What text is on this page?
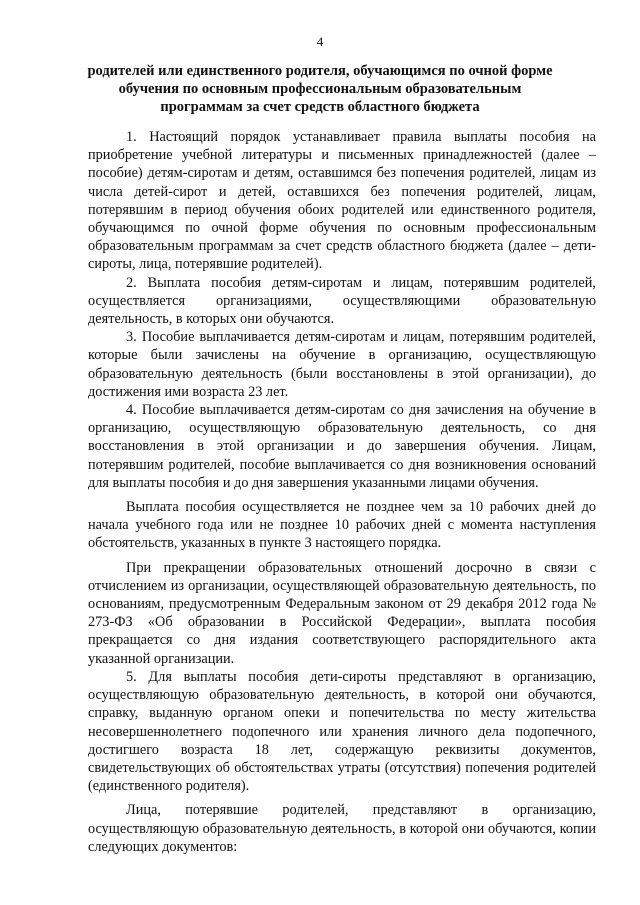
4
родителей или единственного родителя, обучающимся по очной форме
обучения по основным профессиональным образовательным
программам за счет средств областного бюджета

1. Настоящий порядок устанавливает правила выплаты пособия на приобретение учебной литературы и письменных принадлежностей (далее – пособие) детям-сиротам и детям, оставшимся без попечения родителей, лицам из числа детей-сирот и детей, оставшихся без попечения родителей, лицам, потерявшим в период обучения обоих родителей или единственного родителя, обучающимся по очной форме обучения по основным профессиональным образовательным программам за счет средств областного бюджета (далее – дети-сироты, лица, потерявшие родителей).

2. Выплата пособия детям-сиротам и лицам, потерявшим родителей, осуществляется организациями, осуществляющими образовательную деятельность, в которых они обучаются.

3. Пособие выплачивается детям-сиротам и лицам, потерявшим родителей, которые были зачислены на обучение в организацию, осуществляющую образовательную деятельность (были восстановлены в этой организации), до достижения ими возраста 23 лет.

4. Пособие выплачивается детям-сиротам со дня зачисления на обучение в организацию, осуществляющую образовательную деятельность, со дня восстановления в этой организации и до завершения обучения. Лицам, потерявшим родителей, пособие выплачивается со дня возникновения оснований для выплаты пособия и до дня завершения указанными лицами обучения.

Выплата пособия осуществляется не позднее чем за 10 рабочих дней до начала учебного года или не позднее 10 рабочих дней с момента наступления обстоятельств, указанных в пункте 3 настоящего порядка.

При прекращении образовательных отношений досрочно в связи с отчислением из организации, осуществляющей образовательную деятельность, по основаниям, предусмотренным Федеральным законом от 29 декабря 2012 года № 273-ФЗ «Об образовании в Российской Федерации», выплата пособия прекращается со дня издания соответствующего распорядительного акта указанной организации.

5. Для выплаты пособия дети-сироты представляют в организацию, осуществляющую образовательную деятельность, в которой они обучаются, справку, выданную органом опеки и попечительства по месту жительства несовершеннолетнего подопечного или хранения личного дела подопечного, достигшего возраста 18 лет, содержащую реквизиты документов, свидетельствующих об обстоятельствах утраты (отсутствия) попечения родителей (единственного родителя).

Лица, потерявшие родителей, представляют в организацию, осуществляющую образовательную деятельность, в которой они обучаются, копии следующих документов:
